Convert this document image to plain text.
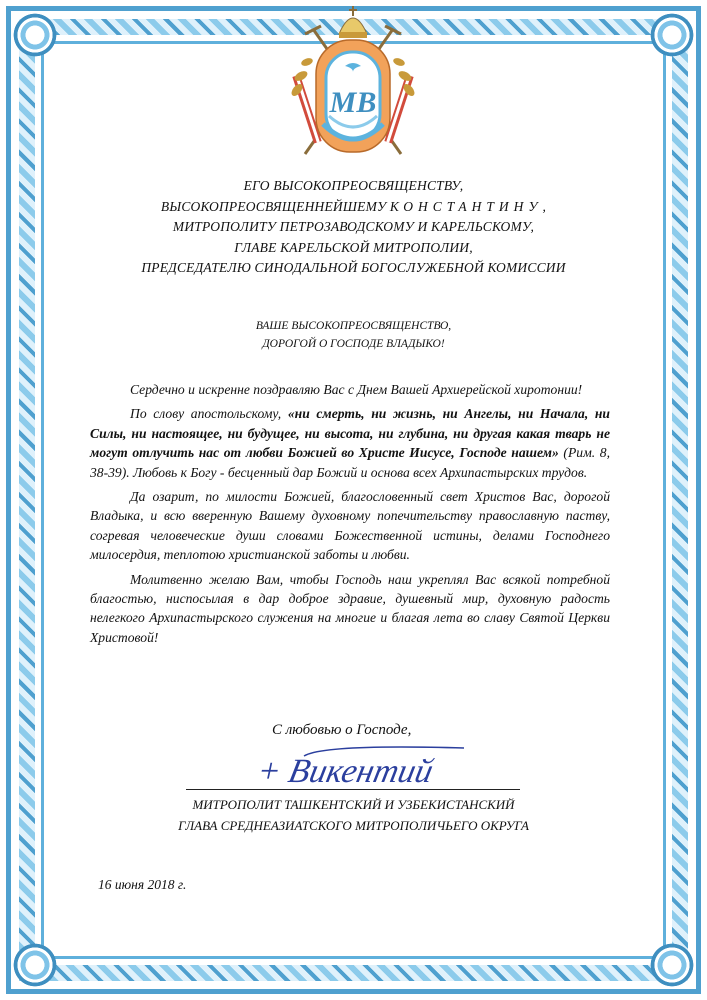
МВ
ЕГО ВЫСОКОПРЕОСВЯЩЕНСТВУ,
ВЫСОКОПРЕОСВЯЩЕННЕЙШЕМУ КОНСТАНТИНУ,
МИТРОПОЛИТУ ПЕТРОЗАВОДСКОМУ И КАРЕЛЬСКОМУ,
ГЛАВЕ КАРЕЛЬСКОЙ МИТРОПОЛИИ,
ПРЕДСЕДАТЕЛЮ СИНОДАЛЬНОЙ БОГОСЛУЖЕБНОЙ КОМИССИИ
ВАШЕ ВЫСОКОПРЕОСВЯЩЕНСТВО,
ДОРОГОЙ О ГОСПОДЕ ВЛАДЫКО!

Сердечно и искренне поздравляю Вас с Днем Вашей Архиерейской хиротонии!

По слову апостольскому, «ни смерть, ни жизнь, ни Ангелы, ни Начала, ни Силы, ни настоящее, ни будущее, ни высота, ни глубина, ни другая какая тварь не могут отлучить нас от любви Божией во Христе Иисусе, Господе нашем» (Рим. 8, 38-39). Любовь к Богу - бесценный дар Божий и основа всех Архипастырских трудов.

Да озарит, по милости Божией, благословенный свет Христов Вас, дорогой Владыка, и всю вверенную Вашему духовному попечительству православную паству, согревая человеческие души словами Божественной истины, делами Господнего милосердия, теплотою христианской заботы и любви.

Молитвенно желаю Вам, чтобы Господь наш укреплял Вас всякой потребной благостью, ниспосылая в дар доброе здравие, душевный мир, духовную радость нелегкого Архипастырского служения на многие и благая лета во славу Святой Церкви Христовой!

С любовью о Господе,
+ Викентий
МИТРОПОЛИТ ТАШКЕНТСКИЙ И УЗБЕКИСТАНСКИЙ
ГЛАВА СРЕДНЕАЗИАТСКОГО МИТРОПОЛИЧЬЕГО ОКРУГА
16 июня 2018 г.
